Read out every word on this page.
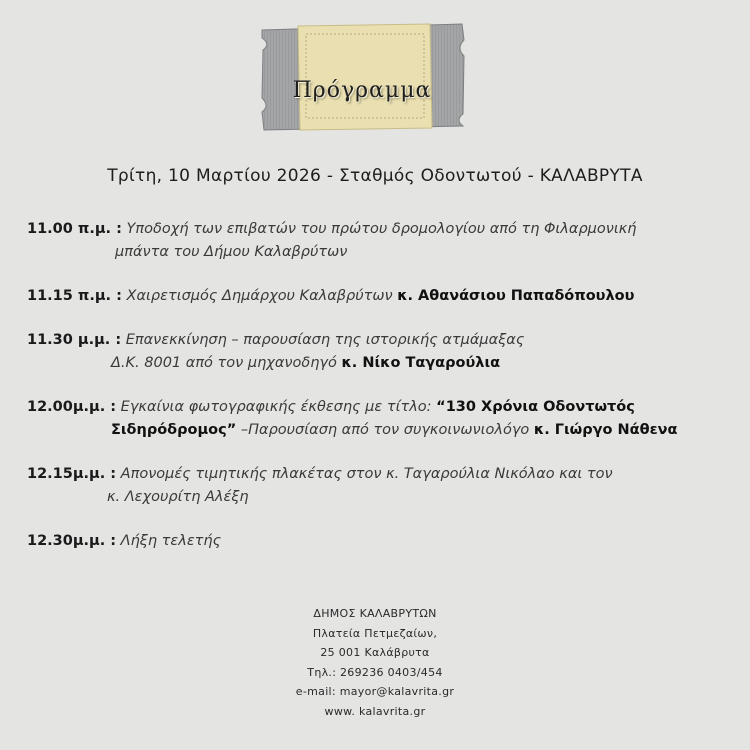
Πρόγραμμα
Τρίτη, 10 Μαρτίου 2026 - Σταθμός Οδοντωτού - ΚΑΛΑΒΡΥΤΑ
11.00 π.μ. : Υποδοχή των επιβατών του πρώτου δρομολογίου από τη Φιλαρμονική
μπάντα του Δήμου Καλαβρύτων
11.15 π.μ. : Χαιρετισμός Δημάρχου Καλαβρύτων κ. Αθανάσιου Παπαδόπουλου
11.30 μ.μ. : Επανεκκίνηση – παρουσίαση της ιστορικής ατμάμαξας
Δ.Κ. 8001 από τον μηχανοδηγό κ. Νίκο Ταγαρούλια
12.00μ.μ. : Εγκαίνια φωτογραφικής έκθεσης με τίτλο: “130 Χρόνια Οδοντωτός
Σιδηρόδρομος” –Παρουσίαση από τον συγκοινωνιολόγο κ. Γιώργο Νάθενα
12.15μ.μ. : Απονομές τιμητικής πλακέτας στον κ. Ταγαρούλια Νικόλαο και τον
κ. Λεχουρίτη Αλέξη
12.30μ.μ. : Λήξη τελετής
ΔΗΜΟΣ ΚΑΛΑΒΡΥΤΩΝ
Πλατεία Πετμεζαίων,
25 001 Καλάβρυτα
Τηλ.: 269236 0403/454
e-mail: mayor@kalavrita.gr
www. kalavrita.gr
